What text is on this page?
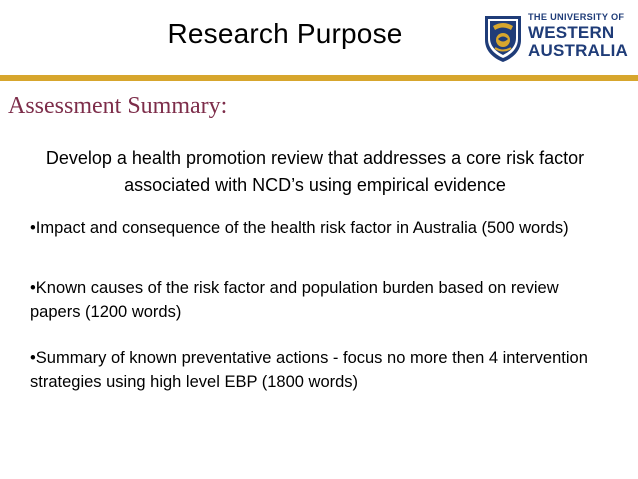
Research Purpose
THE UNIVERSITY OF
WESTERN
AUSTRALIA
Assessment Summary:
Develop a health promotion review that addresses a core risk factor associated with NCD’s using empirical evidence
•Impact and consequence of the health risk factor in Australia (500 words)
•Known causes of the risk factor and population burden based on review papers (1200 words)
•Summary of known preventative actions - focus no more then 4 intervention strategies using high level EBP (1800 words)
